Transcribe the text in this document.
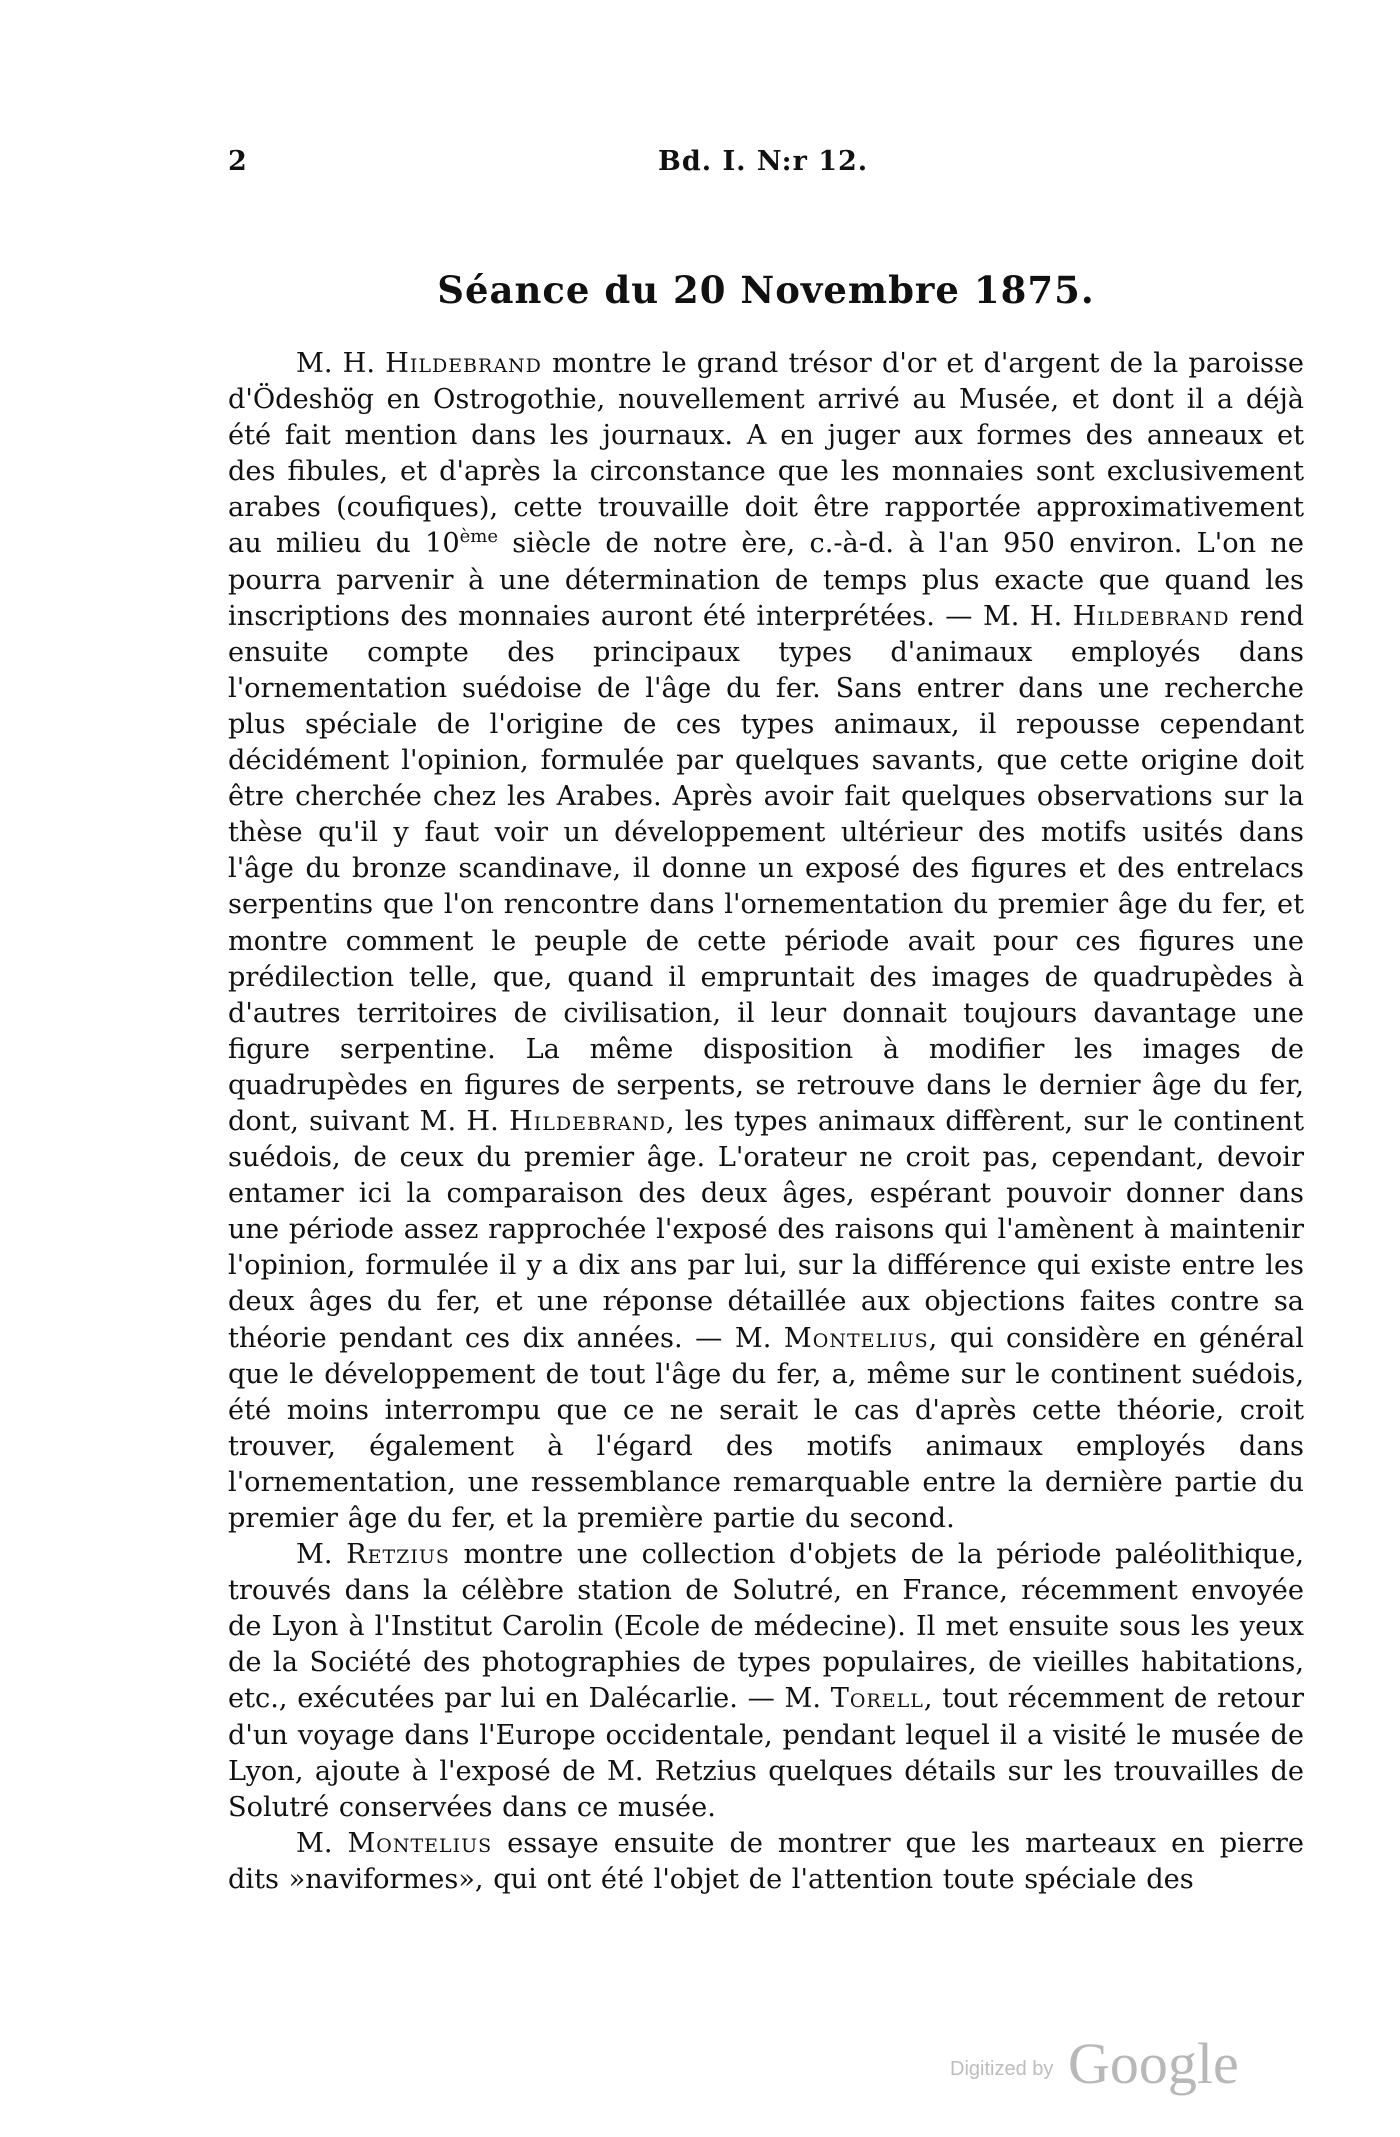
2	Bd. I. N:r 12.
Séance du 20 Novembre 1875.

M. H. Hildebrand montre le grand trésor d'or et d'argent de la paroisse d'Ödeshög en Ostrogothie, nouvellement arrivé au Musée, et dont il a déjà été fait mention dans les journaux. A en juger aux formes des anneaux et des fibules, et d'après la circonstance que les monnaies sont exclusivement arabes (coufiques), cette trouvaille doit être rapportée approximativement au milieu du 10ème siècle de notre ère, c.-à-d. à l'an 950 environ. L'on ne pourra parvenir à une détermination de temps plus exacte que quand les inscriptions des monnaies auront été interprétées. — M. H. Hildebrand rend ensuite compte des principaux types d'animaux employés dans l'ornementation suédoise de l'âge du fer. Sans entrer dans une recherche plus spéciale de l'origine de ces types animaux, il repousse cependant décidément l'opinion, formulée par quelques savants, que cette origine doit être cherchée chez les Arabes. Après avoir fait quelques observations sur la thèse qu'il y faut voir un développement ultérieur des motifs usités dans l'âge du bronze scandinave, il donne un exposé des figures et des entrelacs serpentins que l'on rencontre dans l'ornementation du premier âge du fer, et montre comment le peuple de cette période avait pour ces figures une prédilection telle, que, quand il empruntait des images de quadrupèdes à d'autres territoires de civilisation, il leur donnait toujours davantage une figure serpentine. La même disposition à modifier les images de quadrupèdes en figures de serpents, se retrouve dans le dernier âge du fer, dont, suivant M. H. Hildebrand, les types animaux diffèrent, sur le continent suédois, de ceux du premier âge. L'orateur ne croit pas, cependant, devoir entamer ici la comparaison des deux âges, espérant pouvoir donner dans une période assez rapprochée l'exposé des raisons qui l'amènent à maintenir l'opinion, formulée il y a dix ans par lui, sur la différence qui existe entre les deux âges du fer, et une réponse détaillée aux objections faites contre sa théorie pendant ces dix années. — M. Montelius, qui considère en général que le développement de tout l'âge du fer, a, même sur le continent suédois, été moins interrompu que ce ne serait le cas d'après cette théorie, croit trouver, également à l'égard des motifs animaux employés dans l'ornementation, une ressemblance remarquable entre la dernière partie du premier âge du fer, et la première partie du second.

M. Retzius montre une collection d'objets de la période paléolithique, trouvés dans la célèbre station de Solutré, en France, récemment envoyée de Lyon à l'Institut Carolin (Ecole de médecine). Il met ensuite sous les yeux de la Société des photographies de types populaires, de vieilles habitations, etc., exécutées par lui en Dalécarlie. — M. Torell, tout récemment de retour d'un voyage dans l'Europe occidentale, pendant lequel il a visité le musée de Lyon, ajoute à l'exposé de M. Retzius quelques détails sur les trouvailles de Solutré conservées dans ce musée.

M. Montelius essaye ensuite de montrer que les marteaux en pierre dits »naviformes», qui ont été l'objet de l'attention toute spéciale des

Digitized by Google
